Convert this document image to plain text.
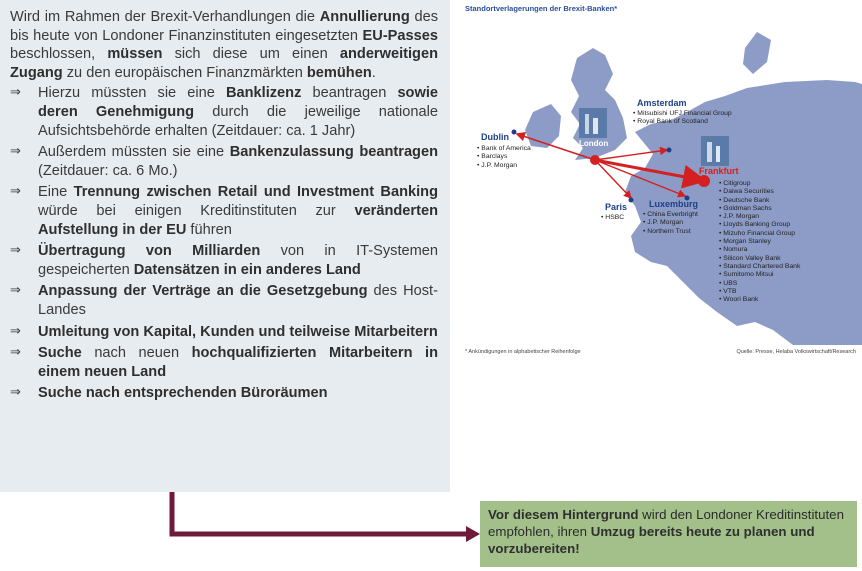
Wird im Rahmen der Brexit-Verhandlungen die Annullierung des bis heute von Londoner Finanzinstituten eingesetzten EU-Passes beschlossen, müssen sich diese um einen anderweitigen Zugang zu den europäischen Finanzmärkten bemühen.

⇒ Hierzu müssten sie eine Banklizenz beantragen sowie deren Genehmigung durch die jeweilige nationale Aufsichtsbehörde erhalten (Zeitdauer: ca. 1 Jahr)
⇒ Außerdem müssten sie eine Bankenzulassung beantragen (Zeitdauer: ca. 6 Mo.)
⇒ Eine Trennung zwischen Retail und Investment Banking würde bei einigen Kreditinstituten zur veränderten Aufstellung in der EU führen
⇒ Übertragung von Milliarden von in IT-Systemen gespeicherten Datensätzen in ein anderes Land
⇒ Anpassung der Verträge an die Gesetzgebung des Host-Landes
⇒ Umleitung von Kapital, Kunden und teilweise Mitarbeitern
⇒ Suche nach neuen hochqualifizierten Mitarbeitern in einem neuen Land
⇒ Suche nach entsprechenden Büroräumen
Standortverlagerungen der Brexit-Banken*
Dublin
• Bank of America
• Barclays
• J.P. Morgan
London
Amsterdam
• Mitsubishi UFJ Financial Group
• Royal Bank of Scotland
Paris
• HSBC
Luxemburg
• China Everbright
• J.P. Morgan
• Northern Trust
Frankfurt
• Citigroup
• Daiwa Securities
• Deutsche Bank
• Goldman Sachs
• J.P. Morgan
• Lloyds Banking Group
• Mizuho Financial Group
• Morgan Stanley
• Nomura
• Silicon Valley Bank
• Standard Chartered Bank
• Sumitomo Mitsui
• UBS
• VTB
• Woori Bank
* Ankündigungen in alphabetischer Reihenfolge	Quelle: Presse, Helaba Volkswirtschaft/Research
Vor diesem Hintergrund wird den Londoner Kreditinstituten empfohlen, ihren Umzug bereits heute zu planen und vorzubereiten!
